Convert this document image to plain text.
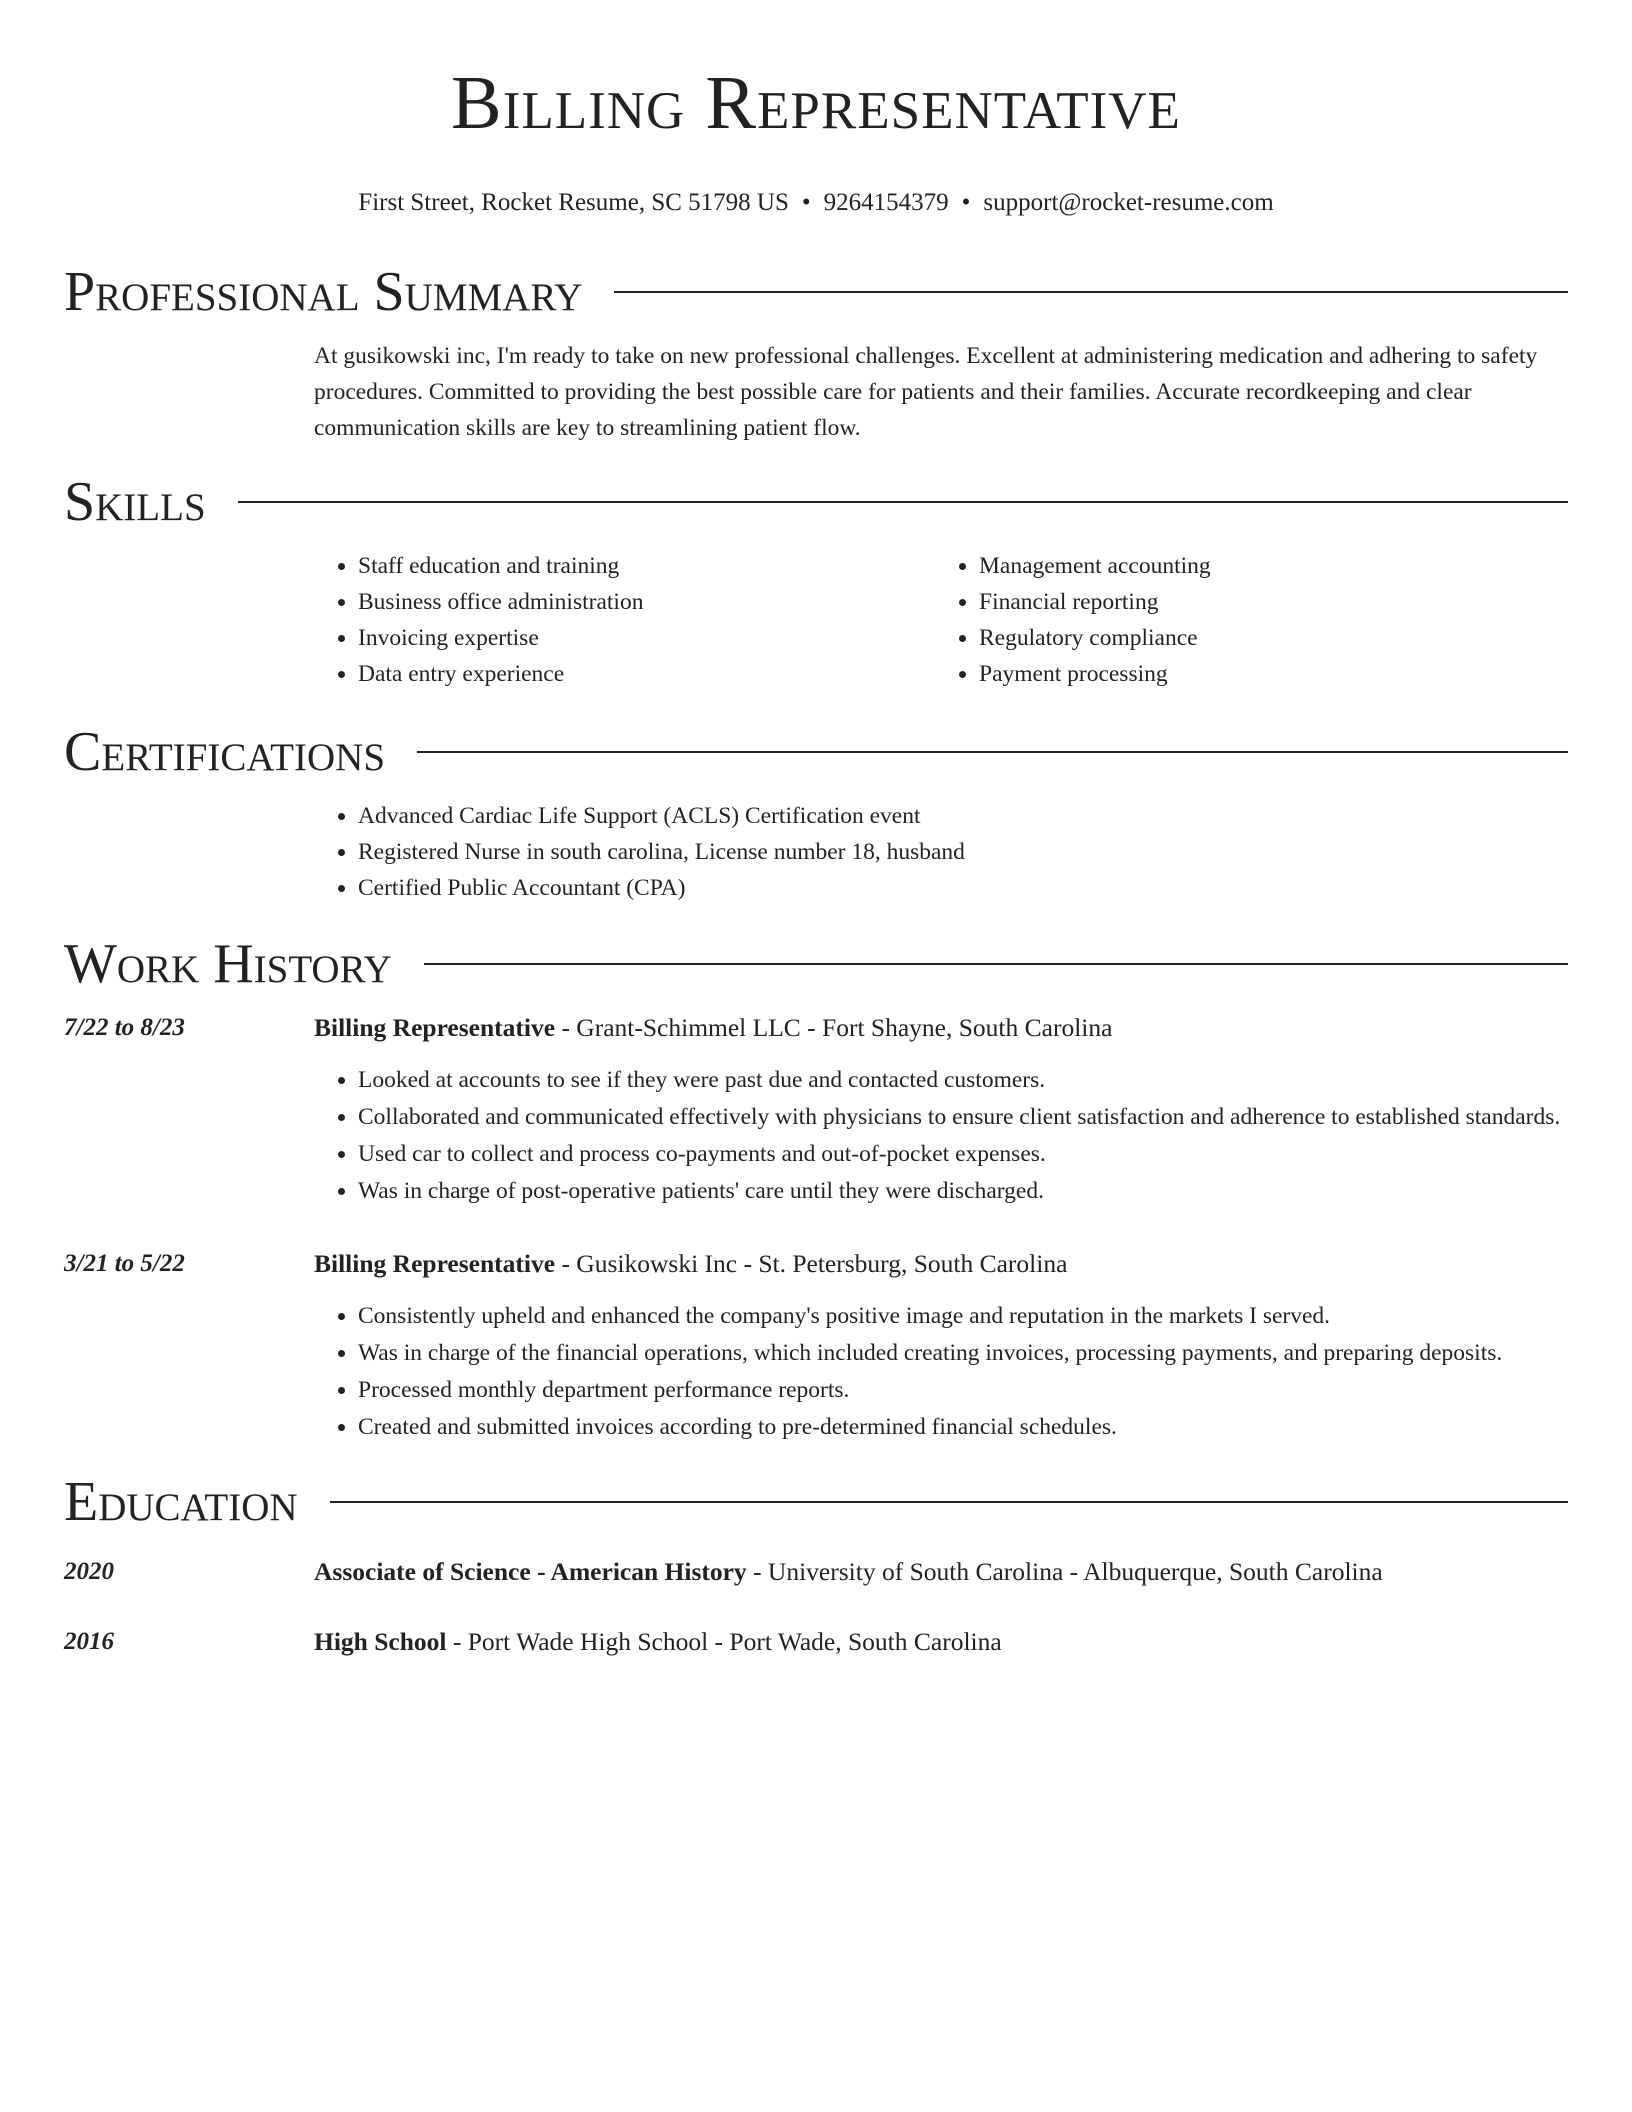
Billing Representative
First Street, Rocket Resume, SC 51798 US • 9264154379 • support@rocket-resume.com
Professional Summary
At gusikowski inc, I'm ready to take on new professional challenges. Excellent at administering medication and adhering to safety procedures. Committed to providing the best possible care for patients and their families. Accurate recordkeeping and clear communication skills are key to streamlining patient flow.
Skills
• Staff education and training
• Business office administration
• Invoicing expertise
• Data entry experience
• Management accounting
• Financial reporting
• Regulatory compliance
• Payment processing
Certifications
• Advanced Cardiac Life Support (ACLS) Certification event
• Registered Nurse in south carolina, License number 18, husband
• Certified Public Accountant (CPA)
Work History
7/22 to 8/23	Billing Representative - Grant-Schimmel LLC - Fort Shayne, South Carolina
• Looked at accounts to see if they were past due and contacted customers.
• Collaborated and communicated effectively with physicians to ensure client satisfaction and adherence to established standards.
• Used car to collect and process co-payments and out-of-pocket expenses.
• Was in charge of post-operative patients' care until they were discharged.
3/21 to 5/22	Billing Representative - Gusikowski Inc - St. Petersburg, South Carolina
• Consistently upheld and enhanced the company's positive image and reputation in the markets I served.
• Was in charge of the financial operations, which included creating invoices, processing payments, and preparing deposits.
• Processed monthly department performance reports.
• Created and submitted invoices according to pre-determined financial schedules.
Education
2020	Associate of Science - American History - University of South Carolina - Albuquerque, South Carolina
2016	High School - Port Wade High School - Port Wade, South Carolina
